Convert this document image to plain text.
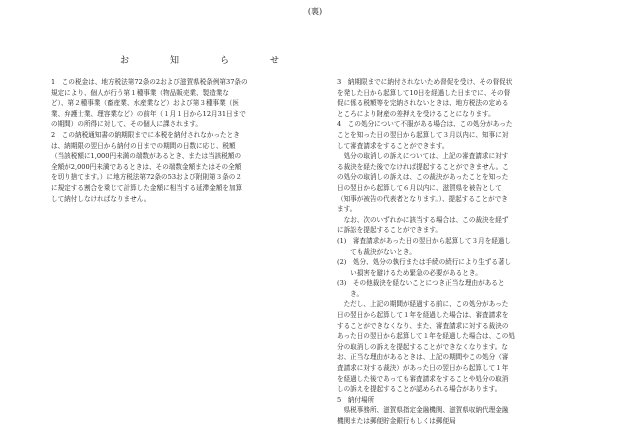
(裏)
お　知　ら　せ

1　この税金は、地方税法第72条の2および滋賀県税条例第37条の

規定により、個人が行う第１種事業（物品販売業、製造業な

ど）、第２種事業（畜産業、水産業など）および第３種事業（医

業、弁護士業、理容業など）の前年（１月１日から12月31日まで

の期間）の所得に対して、その個人に課されます。

2　この納税通知書の納期限までに本税を納付されなかったとき

は、納期限の翌日から納付の日までの期間の日数に応じ、税額

（当該税額に1,000円未満の端数があるとき、または当該税額の

全額が2,000円未満であるときは、その端数金額またはその全額

を切り捨てます。）に地方税法第72条の53および附則第３条の２

に規定する割合を乗じて計算した金額に相当する延滞金額を加算

して納付しなければなりません。

3　納期限までに納付されないため督促を受け、その督促状

を発した日から起算して10日を経過した日までに、その督

促に係る税額等を完納されないときは、地方税法の定める

ところにより財産の差押えを受けることになります。

4　この処分について不服がある場合は、この処分があった

ことを知った日の翌日から起算して３月以内に、知事に対

して審査請求をすることができます。

　処分の取消しの訴えについては、上記の審査請求に対す

る裁決を経た後でなければ提起することができません。こ

の処分の取消しの訴えは、この裁決があったことを知った

日の翌日から起算して６月以内に、滋賀県を被告として

（知事が被告の代表者となります。）、提起することができ

ます。

　なお、次のいずれかに該当する場合は、この裁決を経ず

に訴訟を提起することができます。

(1)　審査請求があった日の翌日から起算して３月を経過し

　　ても裁決がないとき。

(2)　処分、処分の執行または手続の続行により生ずる著し

　　い損害を避けるため緊急の必要があるとき。

(3)　その他裁決を経ないことにつき正当な理由があると

　　き。

　ただし、上記の期間が経過する前に、この処分があった

日の翌日から起算して１年を経過した場合は、審査請求を

することができなくなり、また、審査請求に対する裁決の

あった日の翌日から起算して１年を経過した場合は、この処

分の取消しの訴えを提起することができなくなります。な

お、正当な理由があるときは、上記の期間やこの処分（審

査請求に対する裁決）があった日の翌日から起算して１年

を経過した後であっても審査請求をすることや処分の取消

しの訴えを提起することが認められる場合があります。

5　納付場所

　県税事務所、滋賀県指定金融機関、滋賀県収納代理金融

機関または郵便貯金銀行もしくは郵便局
